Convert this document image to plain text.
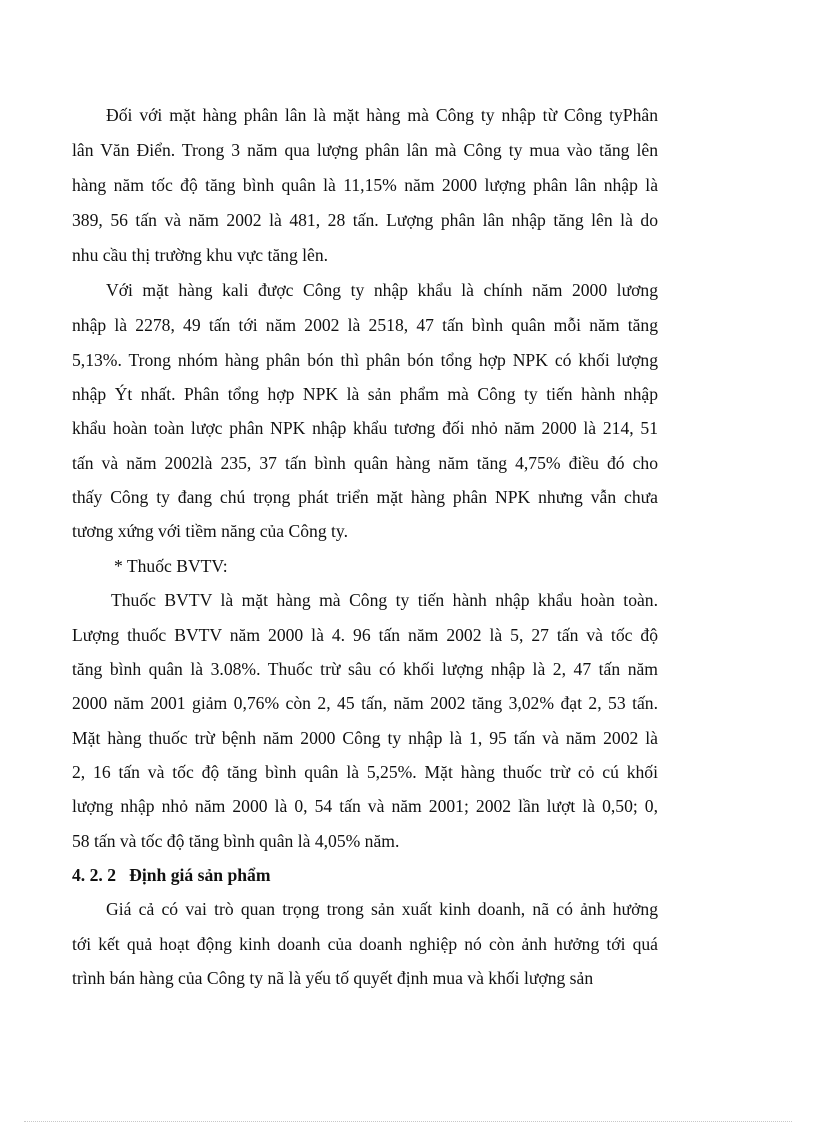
Đối với mặt hàng phân lân là mặt hàng mà Công ty nhập từ Công tyPhân
lân Văn Điển. Trong 3 năm qua lượng phân lân mà Công ty mua vào tăng lên
hàng năm tốc độ tăng bình quân là 11,15% năm 2000 lượng phân lân nhập là
389, 56 tấn và năm 2002 là 481, 28 tấn. Lượng phân lân nhập tăng lên là do
nhu cầu thị trường khu vực tăng lên.
Với mặt hàng kali được Công ty nhập khẩu là chính năm 2000 lương
nhập là 2278, 49 tấn tới năm 2002 là 2518, 47 tấn bình quân mỗi năm tăng
5,13%. Trong nhóm hàng phân bón thì phân bón tổng hợp NPK có khối lượng
nhập Ýt nhất. Phân tổng hợp NPK là sản phẩm mà Công ty tiến hành nhập
khẩu hoàn toàn lược phân NPK nhập khẩu tương đối nhỏ năm 2000 là 214, 51
tấn và năm 2002là 235, 37 tấn bình quân hàng năm tăng 4,75% điều đó cho
thấy Công ty đang chú trọng phát triển mặt hàng phân NPK nhưng vẫn chưa
tương xứng với tiềm năng của Công ty.
* Thuốc BVTV:
Thuốc BVTV là mặt hàng mà Công ty tiến hành nhập khẩu hoàn toàn.
Lượng thuốc BVTV năm 2000 là 4. 96 tấn năm 2002 là 5, 27 tấn và tốc độ
tăng bình quân là 3.08%. Thuốc trừ sâu có khối lượng nhập là 2, 47 tấn năm
2000 năm 2001 giảm 0,76% còn 2, 45 tấn, năm 2002 tăng 3,02% đạt 2, 53 tấn.
Mặt hàng thuốc trừ bệnh năm 2000 Công ty nhập là 1, 95 tấn và năm 2002 là
2, 16 tấn và tốc độ tăng bình quân là 5,25%. Mặt hàng thuốc trừ cỏ cú khối
lượng nhập nhỏ năm 2000 là 0, 54 tấn và năm 2001; 2002 lần lượt là 0,50; 0,
58 tấn và tốc độ tăng bình quân là 4,05% năm.
4. 2. 2   Định giá sản phẩm
Giá cả có vai trò quan trọng trong sản xuất kinh doanh, nã có ảnh hưởng
tới kết quả hoạt động kinh doanh của doanh nghiệp nó còn ảnh hưởng tới quá
trình bán hàng của Công ty nã là yếu tố quyết định mua và khối lượng sản
